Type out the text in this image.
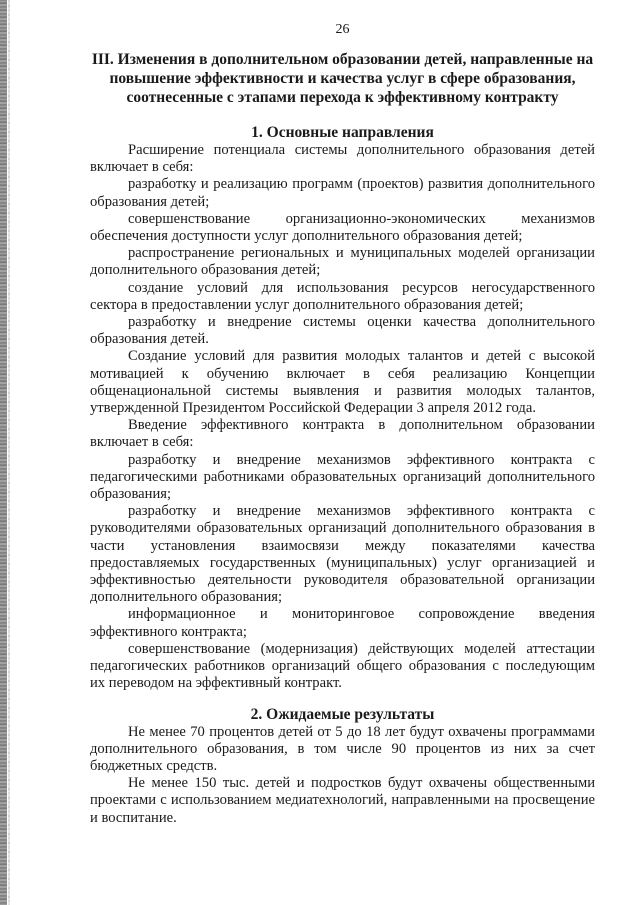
26
III. Изменения в дополнительном образовании детей, направленные на повышение эффективности и качества услуг в сфере образования, соотнесенные с этапами перехода к эффективному контракту
1. Основные направления

Расширение потенциала системы дополнительного образования детей включает в себя:

разработку и реализацию программ (проектов) развития дополнительного образования детей;

совершенствование организационно-экономических механизмов обеспечения доступности услуг дополнительного образования детей;

распространение региональных и муниципальных моделей организации дополнительного образования детей;

создание условий для использования ресурсов негосударственного сектора в предоставлении услуг дополнительного образования детей;

разработку и внедрение системы оценки качества дополнительного образования детей.

Создание условий для развития молодых талантов и детей с высокой мотивацией к обучению включает в себя реализацию Концепции общенациональной системы выявления и развития молодых талантов, утвержденной Президентом Российской Федерации 3 апреля 2012 года.

Введение эффективного контракта в дополнительном образовании включает в себя:

разработку и внедрение механизмов эффективного контракта с педагогическими работниками образовательных организаций дополнительного образования;

разработку и внедрение механизмов эффективного контракта с руководителями образовательных организаций дополнительного образования в части установления взаимосвязи между показателями качества предоставляемых государственных (муниципальных) услуг организацией и эффективностью деятельности руководителя образовательной организации дополнительного образования;

информационное и мониторинговое сопровождение введения эффективного контракта;

совершенствование (модернизация) действующих моделей аттестации педагогических работников организаций общего образования с последующим их переводом на эффективный контракт.

2. Ожидаемые результаты

Не менее 70 процентов детей от 5 до 18 лет будут охвачены программами дополнительного образования, в том числе 90 процентов из них за счет бюджетных средств.

Не менее 150 тыс. детей и подростков будут охвачены общественными проектами с использованием медиатехнологий, направленными на просвещение и воспитание.
